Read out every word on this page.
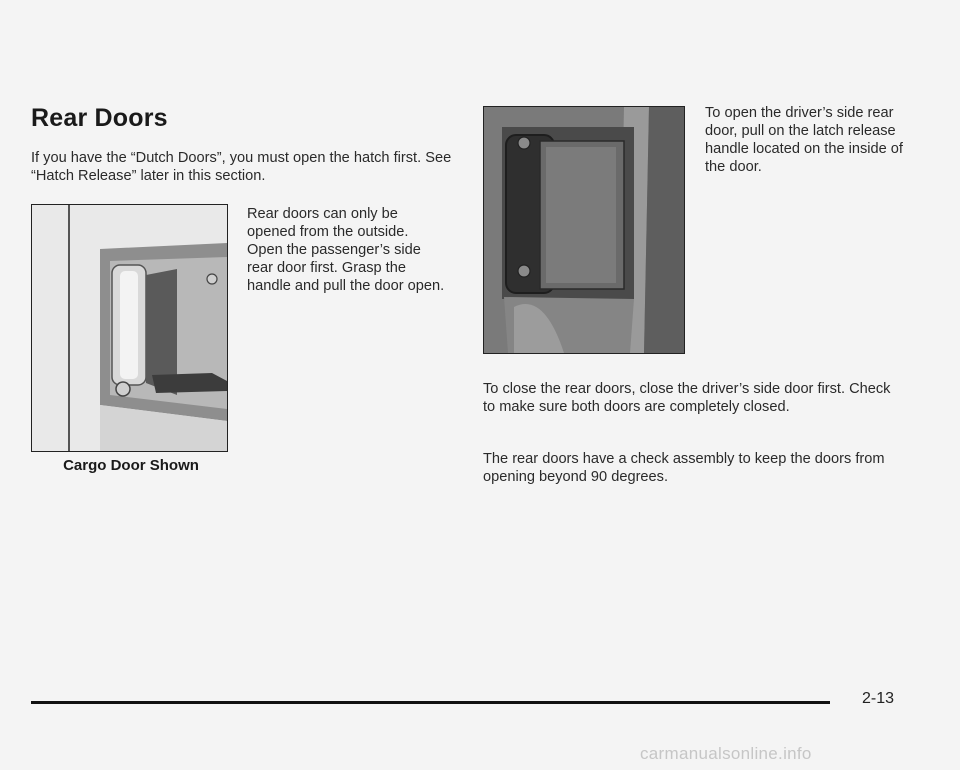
Rear Doors

If you have the “Dutch Doors”, you must open the hatch first. See “Hatch Release” later in this section.

Rear doors can only be opened from the outside. Open the passenger’s side rear door first. Grasp the handle and pull the door open.

Cargo Door Shown

To open the driver’s side rear door, pull on the latch release handle located on the inside of the door.

To close the rear doors, close the driver’s side door first. Check to make sure both doors are completely closed.

The rear doors have a check assembly to keep the doors from opening beyond 90 degrees.

2-13

carmanualsonline.info
